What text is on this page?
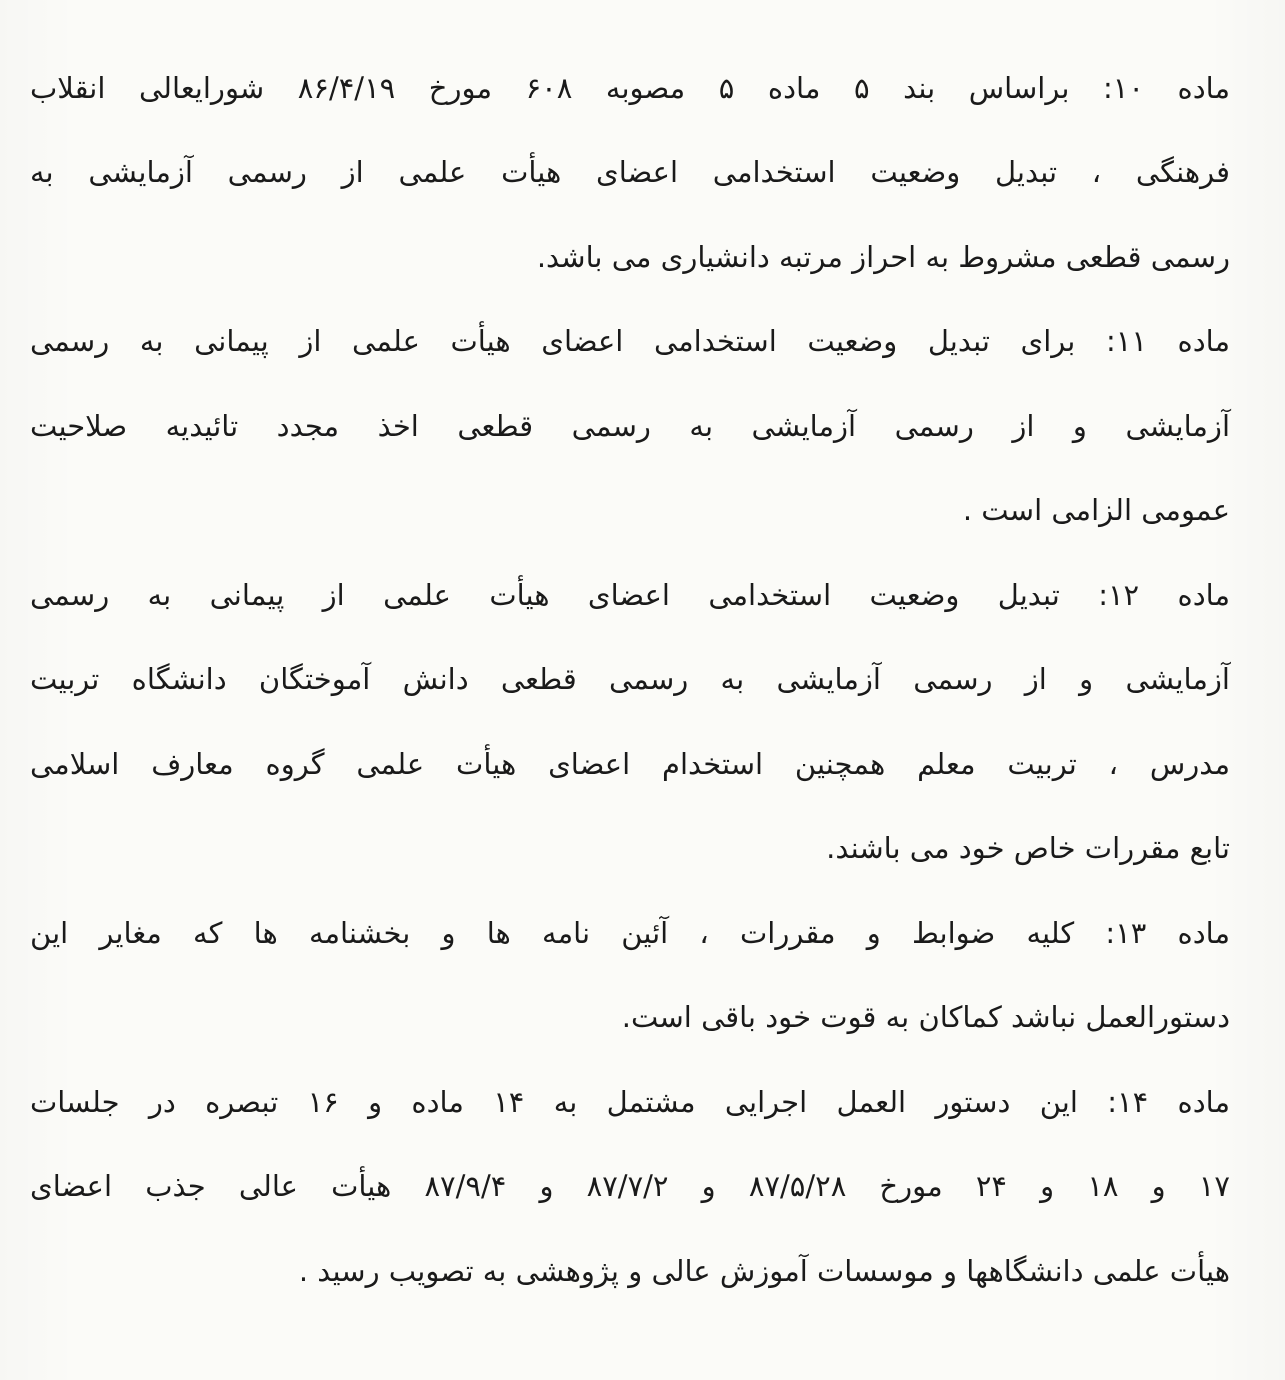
ماده ۱۰: براساس بند ۵ ماده ۵ مصوبه ۶۰۸ مورخ ۸۶/۴/۱۹ شورایعالی انقلاب
فرهنگی ، تبدیل وضعیت استخدامی اعضای هیأت علمی از رسمی آزمایشی به
رسمی قطعی مشروط به احراز مرتبه دانشیاری می باشد.
ماده ۱۱: برای تبدیل وضعیت استخدامی اعضای هیأت علمی از پیمانی به رسمی
آزمایشی و از رسمی آزمایشی به رسمی قطعی اخذ مجدد تائیدیه صلاحیت
عمومی الزامی است .
ماده ۱۲: تبدیل وضعیت استخدامی اعضای هیأت علمی از پیمانی به رسمی
آزمایشی و از رسمی آزمایشی به رسمی قطعی دانش آموختگان دانشگاه تربیت
مدرس ، تربیت معلم همچنین استخدام اعضای هیأت علمی گروه معارف اسلامی
تابع مقررات خاص خود می باشند.
ماده ۱۳: کلیه ضوابط و مقررات ، آئین نامه ها و بخشنامه ها که مغایر این
دستورالعمل نباشد کماکان به قوت خود باقی است.
ماده ۱۴: این دستور العمل اجرایی مشتمل به ۱۴ ماده و ۱۶ تبصره در جلسات
۱۷ و ۱۸ و ۲۴ مورخ ۸۷/۵/۲۸ و ۸۷/۷/۲ و ۸۷/۹/۴ هیأت عالی جذب اعضای
هیأت علمی دانشگاهها و موسسات آموزش عالی و پژوهشی به تصویب رسید .
